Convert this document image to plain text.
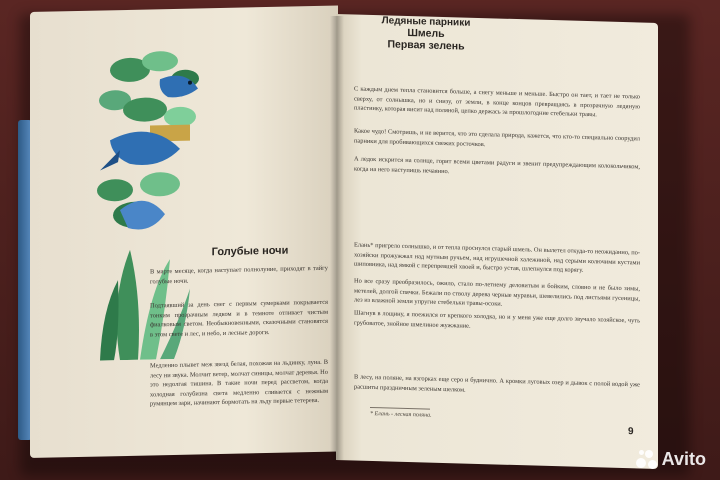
Голубые ночи

В марте месяце, когда наступает полнолуние, приходят в тайгу голубые ночи.

Подтаявший за день снег с первым сумерками покрывается тонким прозрачным ледком и в темноте отливает чистым фиалковым светом. Необыкновенными, сказочными становятся в этом свете и лес, и небо, и лесные дороги.

Медленно плывет меж звезд белая, похожая на льдинку, луна. В лесу ни звука. Молчит ветер, молчат синицы, молчат деревья. Но это недолгая тишина. В такие ночи перед рассветом, когда холодная голубизна света медленно сливается с нежным румянцем зари, начинают бормотать на льду первые тетерева.

Ледяные парники

С каждым днем тепла становится больше, а снегу меньше и меньше. Быстро он тает, и тает не только сверху, от солнышка, но и снизу, от земли, в конце концов превращаясь в прозрачную ледяную пластинку, которая висит над поляной, цепко держась за прошлогодние стебельки травы.

Какое чудо! Смотришь, и не верится, что это сделала природа, кажется, что кто-то специально соорудил парники для пробивающихся свежих росточков.

А ледок искрится на солнце, горит всеми цветами радуги и звенит предупреждающим колокольчиком, когда на него наступишь нечаянно.

Шмель

Елань* пригрело солнышко, и от тепла проснулся старый шмель. Он вылетел откуда-то неожиданно, по-хозяйски прожужжал над мутным ручьем, над игрушечной халежиной, над серыми колючими кустами шиповника, над ямкой с перепревшей хвоей и, быстро устав, шлепнулся под корягу.

Но все сразу преобразилось, ожило, стало по-летнему деловитым и бойким, словно и не было зимы, метелей, долгой спячки. Бежали по стволу дерева черные муравьи, шевелились под листьями гусеницы, лез из влажной земли упругие стебельки травы-осоки.

Шагнув в лощину, я поежился от крепкого холодка, но и у меня уже еще долго звучало хозяйское, чуть грубоватое, знойное шмелиное жужжание.

Первая зелень

В лесу, на поляне, на взгорках еще серо и буднично. А кромки луговых озер и дывок с полой водой уже расшиты праздничным зеленым шелком.

* Елань - лесная поляна.
9
Avito
